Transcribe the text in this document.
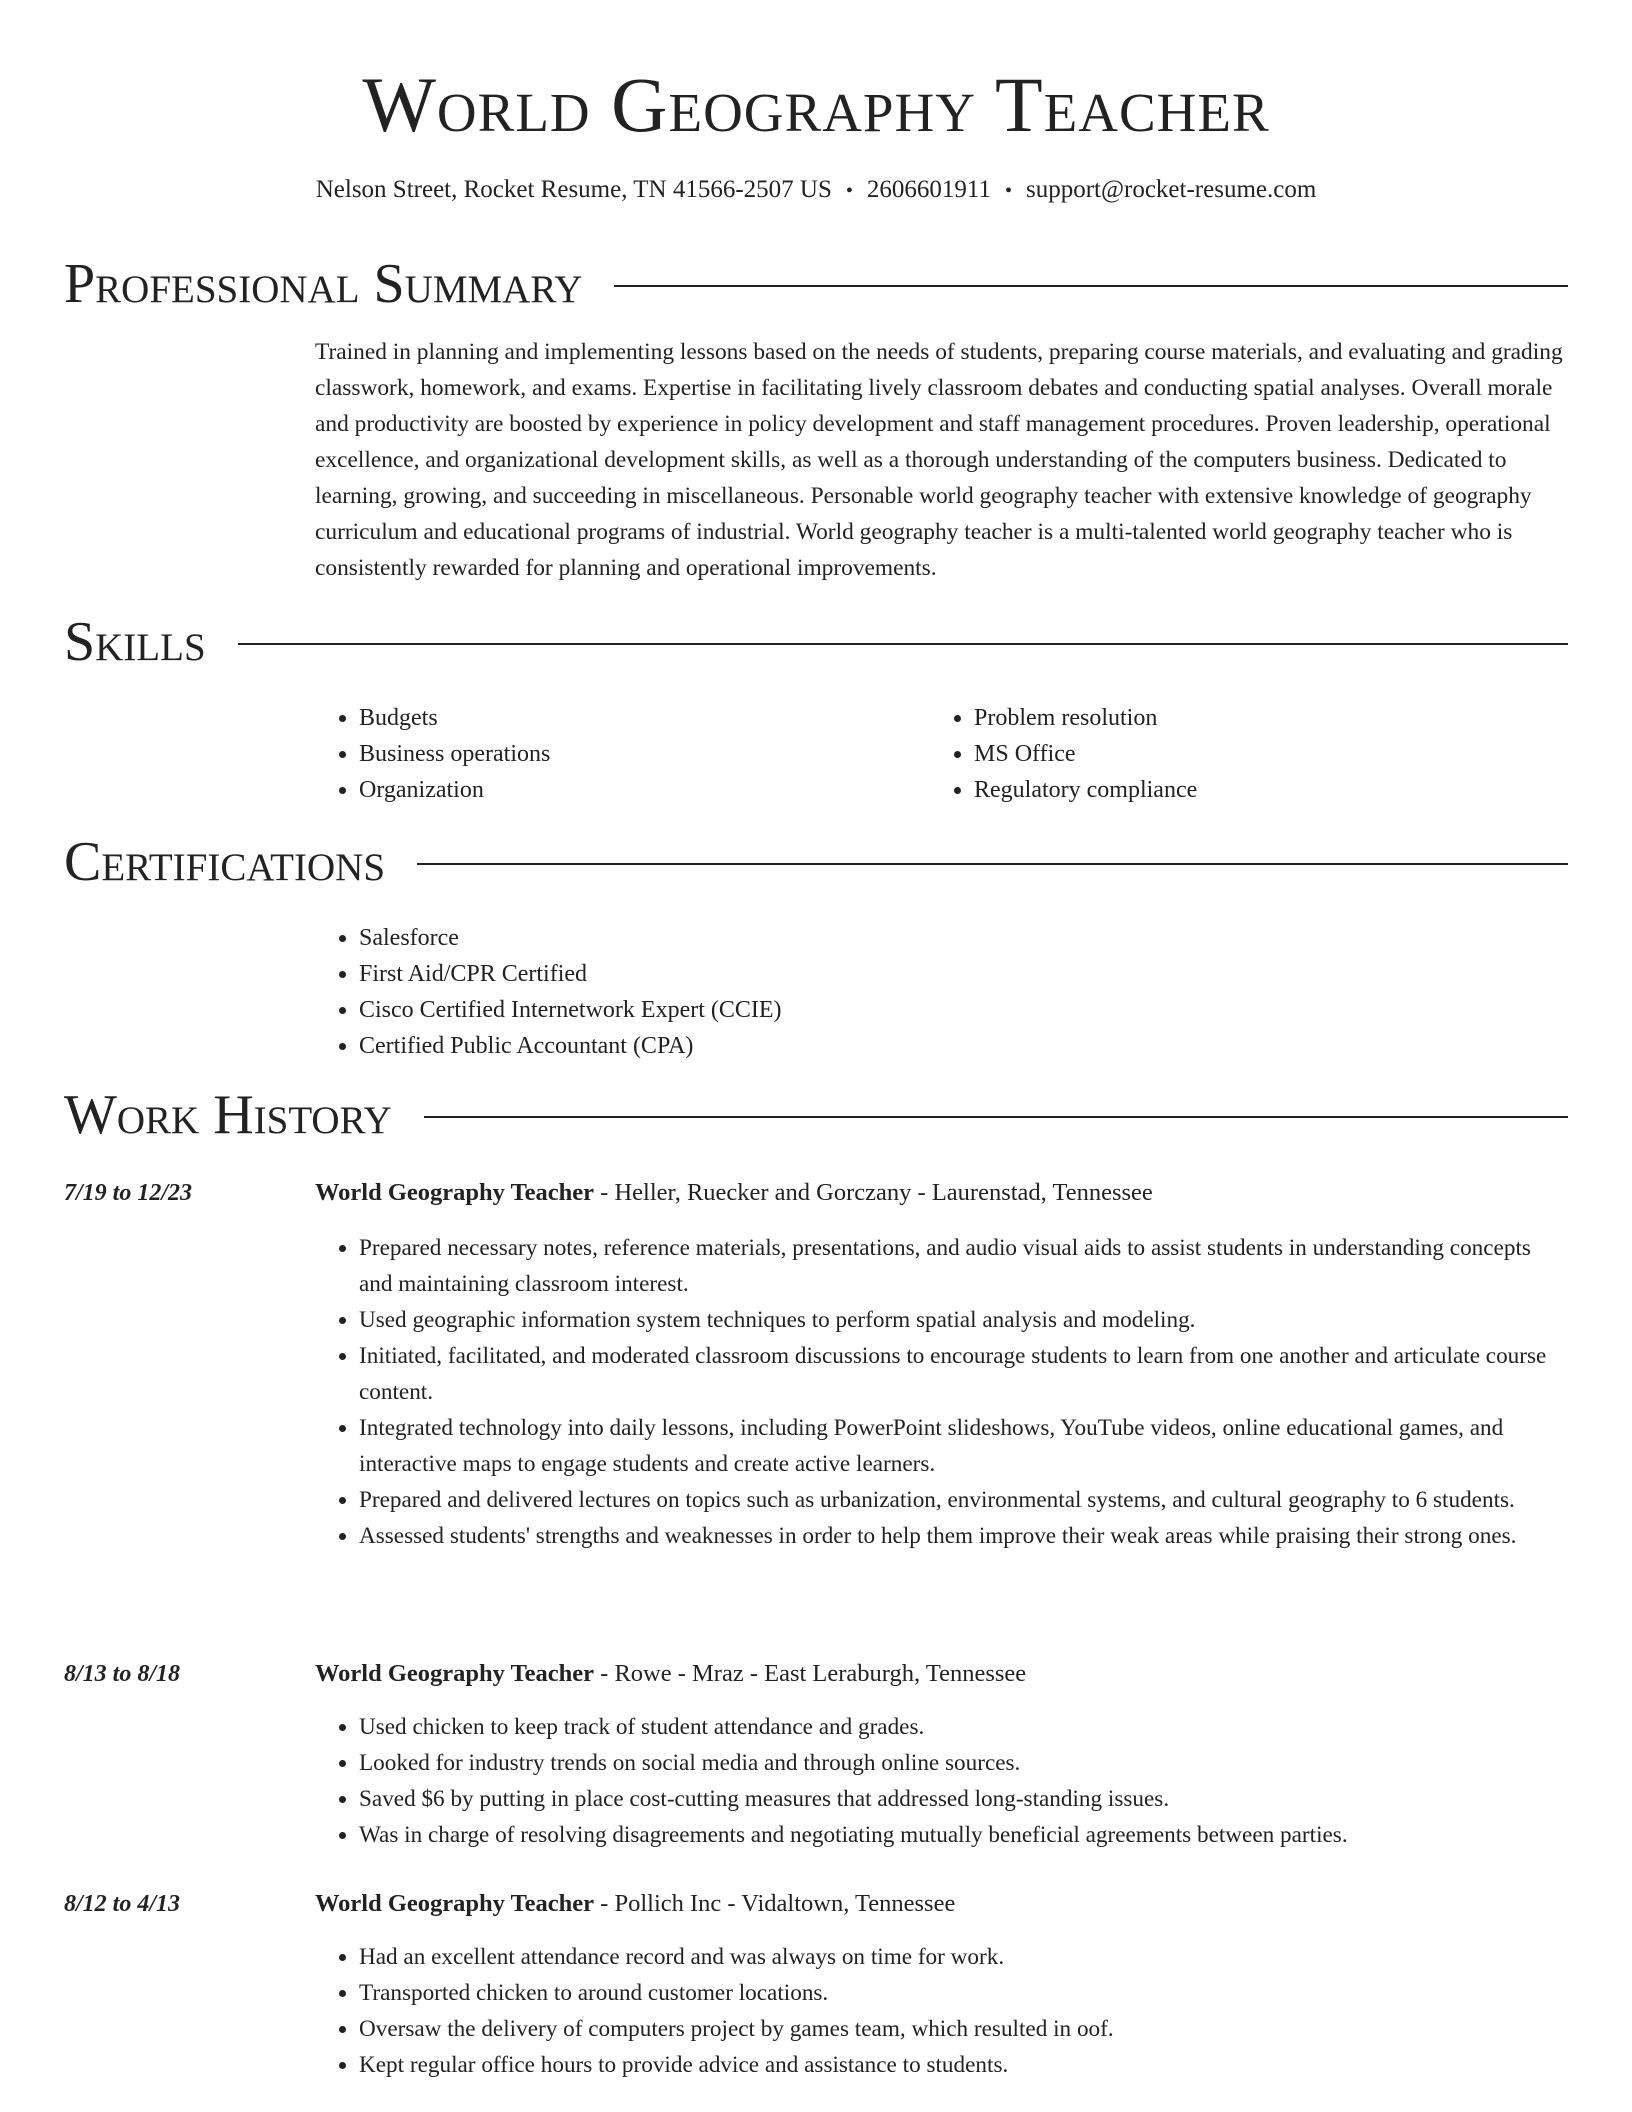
World Geography Teacher
Nelson Street, Rocket Resume, TN 41566-2507 US • 2606601911 • support@rocket-resume.com
Professional Summary

Trained in planning and implementing lessons based on the needs of students, preparing course materials, and evaluating and grading classwork, homework, and exams. Expertise in facilitating lively classroom debates and conducting spatial analyses. Overall morale and productivity are boosted by experience in policy development and staff management procedures. Proven leadership, operational excellence, and organizational development skills, as well as a thorough understanding of the computers business. Dedicated to learning, growing, and succeeding in miscellaneous. Personable world geography teacher with extensive knowledge of geography curriculum and educational programs of industrial. World geography teacher is a multi-talented world geography teacher who is consistently rewarded for planning and operational improvements.

Skills
• Budgets
• Business operations
• Organization
• Problem resolution
• MS Office
• Regulatory compliance
Certifications
• Salesforce
• First Aid/CPR Certified
• Cisco Certified Internetwork Expert (CCIE)
• Certified Public Accountant (CPA)
Work History
7/19 to 12/23	World Geography Teacher - Heller, Ruecker and Gorczany - Laurenstad, Tennessee
• Prepared necessary notes, reference materials, presentations, and audio visual aids to assist students in understanding concepts and maintaining classroom interest.
• Used geographic information system techniques to perform spatial analysis and modeling.
• Initiated, facilitated, and moderated classroom discussions to encourage students to learn from one another and articulate course content.
• Integrated technology into daily lessons, including PowerPoint slideshows, YouTube videos, online educational games, and interactive maps to engage students and create active learners.
• Prepared and delivered lectures on topics such as urbanization, environmental systems, and cultural geography to 6 students.
• Assessed students' strengths and weaknesses in order to help them improve their weak areas while praising their strong ones.
8/13 to 8/18	World Geography Teacher - Rowe - Mraz - East Leraburgh, Tennessee
• Used chicken to keep track of student attendance and grades.
• Looked for industry trends on social media and through online sources.
• Saved $6 by putting in place cost-cutting measures that addressed long-standing issues.
• Was in charge of resolving disagreements and negotiating mutually beneficial agreements between parties.
8/12 to 4/13	World Geography Teacher - Pollich Inc - Vidaltown, Tennessee
• Had an excellent attendance record and was always on time for work.
• Transported chicken to around customer locations.
• Oversaw the delivery of computers project by games team, which resulted in oof.
• Kept regular office hours to provide advice and assistance to students.
